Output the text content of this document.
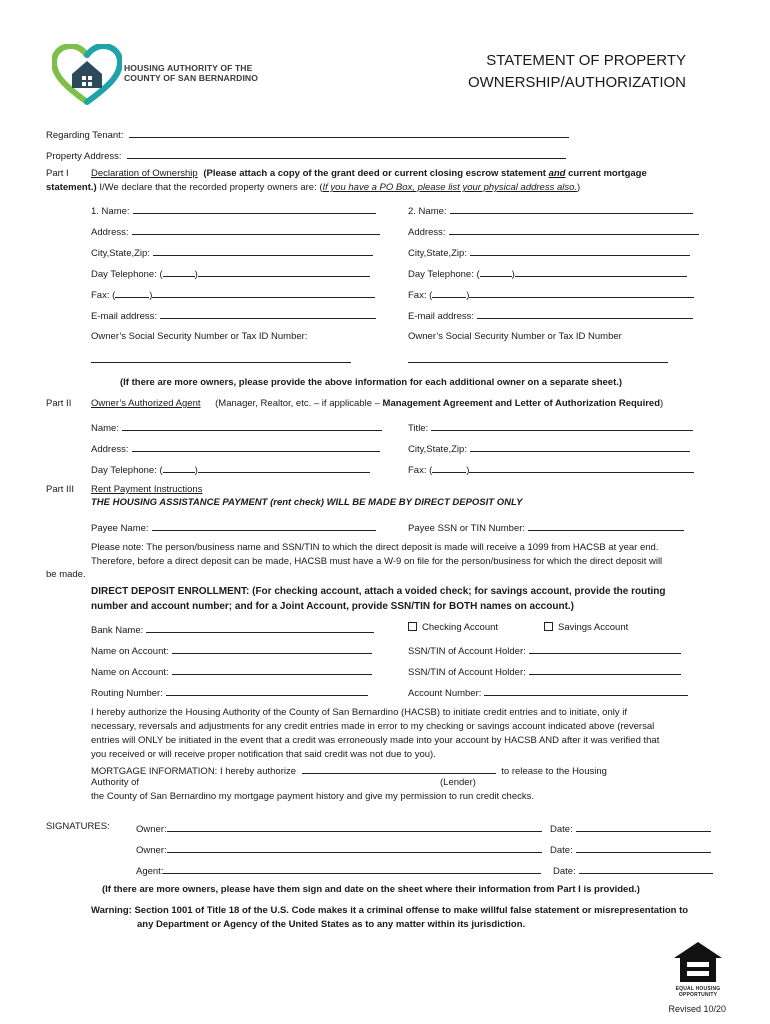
HOUSING AUTHORITY OF THE
COUNTY OF SAN BERNARDINO
STATEMENT OF PROPERTY
OWNERSHIP/AUTHORIZATION
Regarding Tenant:
Property Address:
Part I Declaration of Ownership (Please attach a copy of the grant deed or current closing escrow statement and current mortgage
statement.) I/We declare that the recorded property owners are: (If you have a PO Box, please list your physical address also.)
1. Name:
Address:
City,State,Zip:
Day Telephone: (	)
Fax: (	)
E-mail address:
Owner’s Social Security Number or Tax ID Number:
2. Name:
Address:
City,State,Zip:
Day Telephone: (	)
Fax: (	)
E-mail address:
Owner’s Social Security Number or Tax ID Number
(If there are more owners, please provide the above information for each additional owner on a separate sheet.)
Part II Owner’s Authorized Agent (Manager, Realtor, etc. – if applicable – Management Agreement and Letter of Authorization Required)
Name:	Title:
Address:	City,State,Zip:
Day Telephone: (	)	Fax: (	)
Part III Rent Payment Instructions
THE HOUSING ASSISTANCE PAYMENT (rent check) WILL BE MADE BY DIRECT DEPOSIT ONLY
Payee Name:	Payee SSN or TIN Number:
Please note: The person/business name and SSN/TIN to which the direct deposit is made will receive a 1099 from HACSB at year end.
Therefore, before a direct deposit can be made, HACSB must have a W-9 on file for the person/business for which the direct deposit will
be made.
DIRECT DEPOSIT ENROLLMENT: (For checking account, attach a voided check; for savings account, provide the routing
number and account number; and for a Joint Account, provide SSN/TIN for BOTH names on account.)
Bank Name:	Checking Account	Savings Account
Name on Account:	SSN/TIN of Account Holder:
Name on Account:	SSN/TIN of Account Holder:
Routing Number:	Account Number:
I hereby authorize the Housing Authority of the County of San Bernardino (HACSB) to initiate credit entries and to initiate, only if
necessary, reversals and adjustments for any credit entries made in error to my checking or savings account indicated above (reversal
entries will ONLY be initiated in the event that a credit was erroneously made into your account by HACSB AND after it was verified that
you received or will receive proper notification that said credit was not due to you).
MORTGAGE INFORMATION: I hereby authorize	to release to the Housing
Authority of	(Lender)
the County of San Bernardino my mortgage payment history and give my permission to run credit checks.
SIGNATURES:	Owner:	Date:
Owner:	Date:
Agent:	Date:
(If there are more owners, please have them sign and date on the sheet where their information from Part I is provided.)
Warning: Section 1001 of Title 18 of the U.S. Code makes it a criminal offense to make willful false statement or misrepresentation to
any Department or Agency of the United States as to any matter within its jurisdiction.
EQUAL HOUSING
OPPORTUNITY
Revised 10/20
